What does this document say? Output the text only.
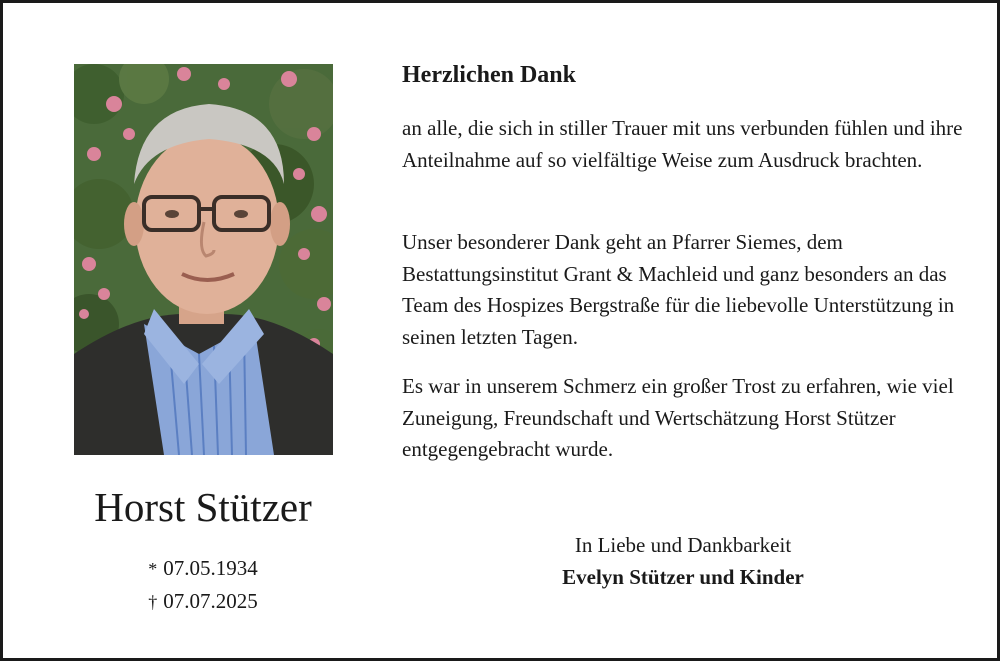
Horst Stützer
* 07.05.1934
† 07.07.2025
Herzlichen Dank

an alle, die sich in stiller Trauer mit uns verbunden fühlen und ihre Anteilnahme auf so vielfältige Weise zum Ausdruck brachten.

Unser besonderer Dank geht an Pfarrer Siemes, dem Bestattungsinstitut Grant & Machleid und ganz besonders an das Team des Hospizes Bergstraße für die liebevolle Unterstützung in seinen letzten Tagen.

Es war in unserem Schmerz ein großer Trost zu erfahren, wie viel Zuneigung, Freundschaft und Wertschätzung Horst Stützer entgegengebracht wurde.

In Liebe und Dankbarkeit
Evelyn Stützer und Kinder
